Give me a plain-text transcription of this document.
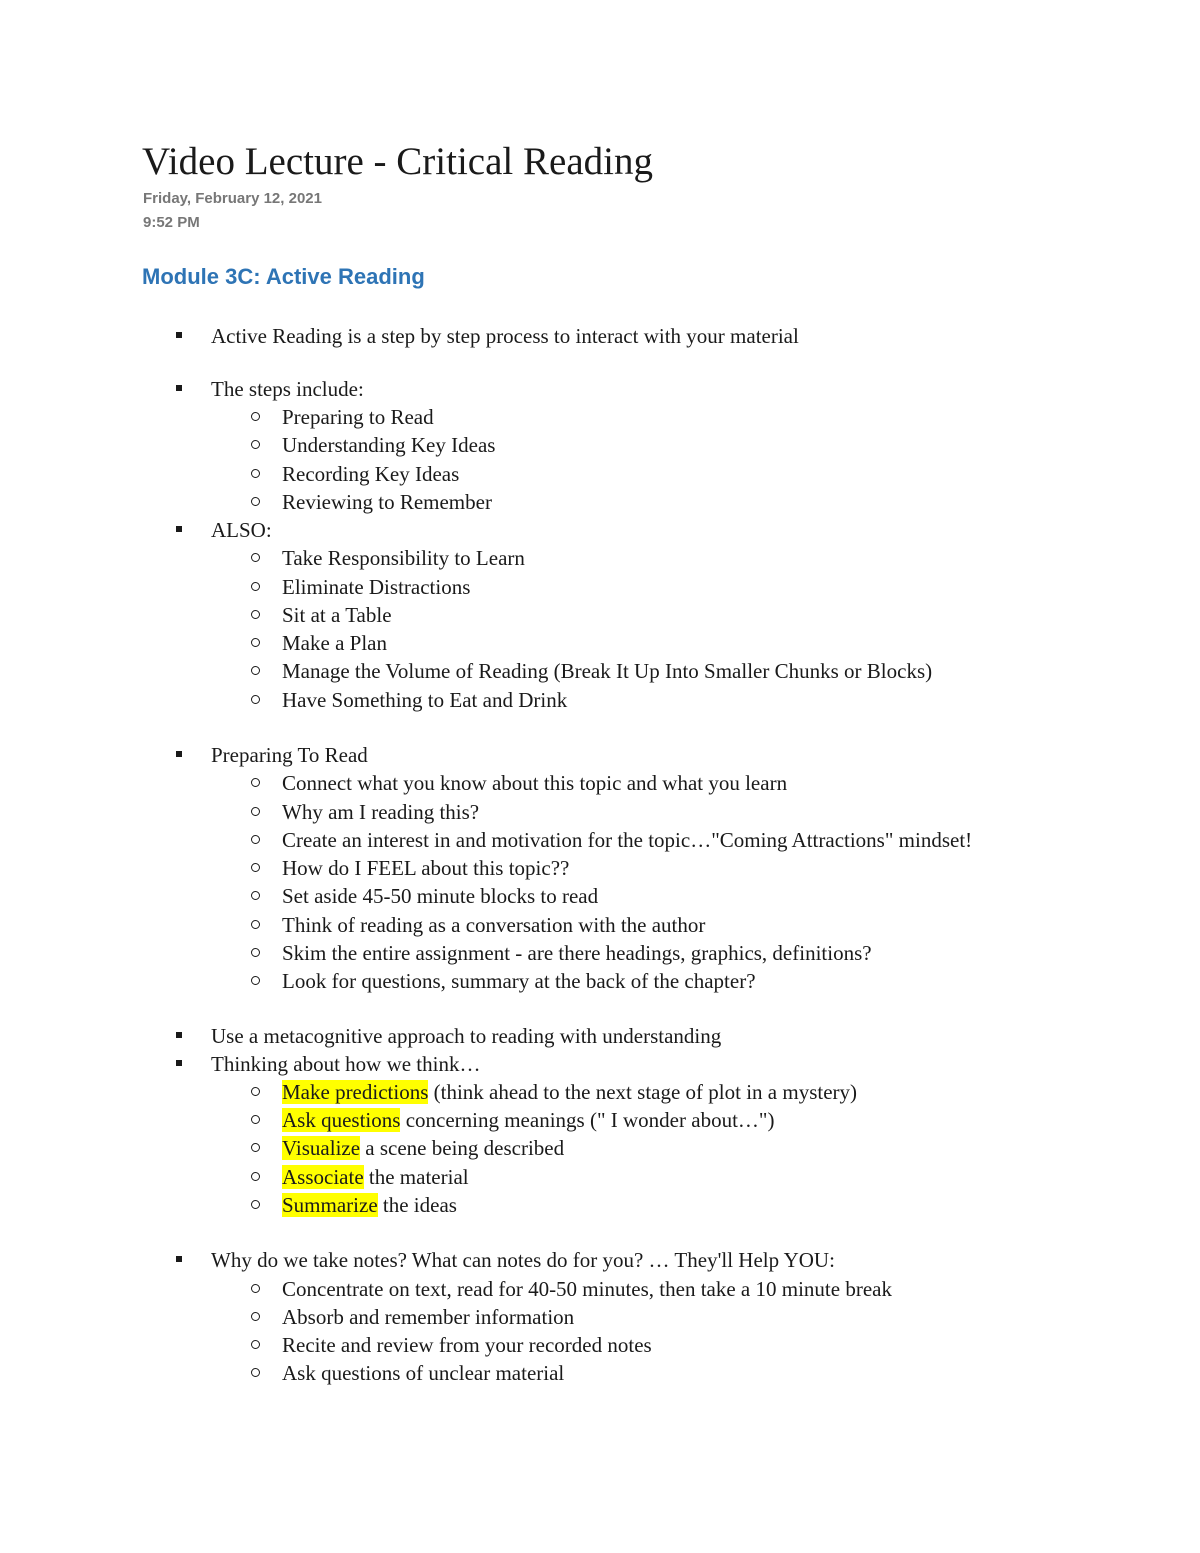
Video Lecture - Critical Reading
Friday, February 12, 2021
9:52 PM
Module 3C: Active Reading
Active Reading is a step by step process to interact with your material
The steps include:
Preparing to Read
Understanding Key Ideas
Recording Key Ideas
Reviewing to Remember
ALSO:
Take Responsibility to Learn
Eliminate Distractions
Sit at a Table
Make a Plan
Manage the Volume of Reading (Break It Up Into Smaller Chunks or Blocks)
Have Something to Eat and Drink
Preparing To Read
Connect what you know about this topic and what you learn
Why am I reading this?
Create an interest in and motivation for the topic…"Coming Attractions" mindset!
How do I FEEL about this topic??
Set aside 45-50 minute blocks to read
Think of reading as a conversation with the author
Skim the entire assignment - are there headings, graphics, definitions?
Look for questions, summary at the back of the chapter?
Use a metacognitive approach to reading with understanding
Thinking about how we think…
Make predictions (think ahead to the next stage of plot in a mystery)
Ask questions concerning meanings (" I wonder about…")
Visualize a scene being described
Associate the material
Summarize the ideas
Why do we take notes? What can notes do for you? … They'll Help YOU:
Concentrate on text, read for 40-50 minutes, then take a 10 minute break
Absorb and remember information
Recite and review from your recorded notes
Ask questions of unclear material
